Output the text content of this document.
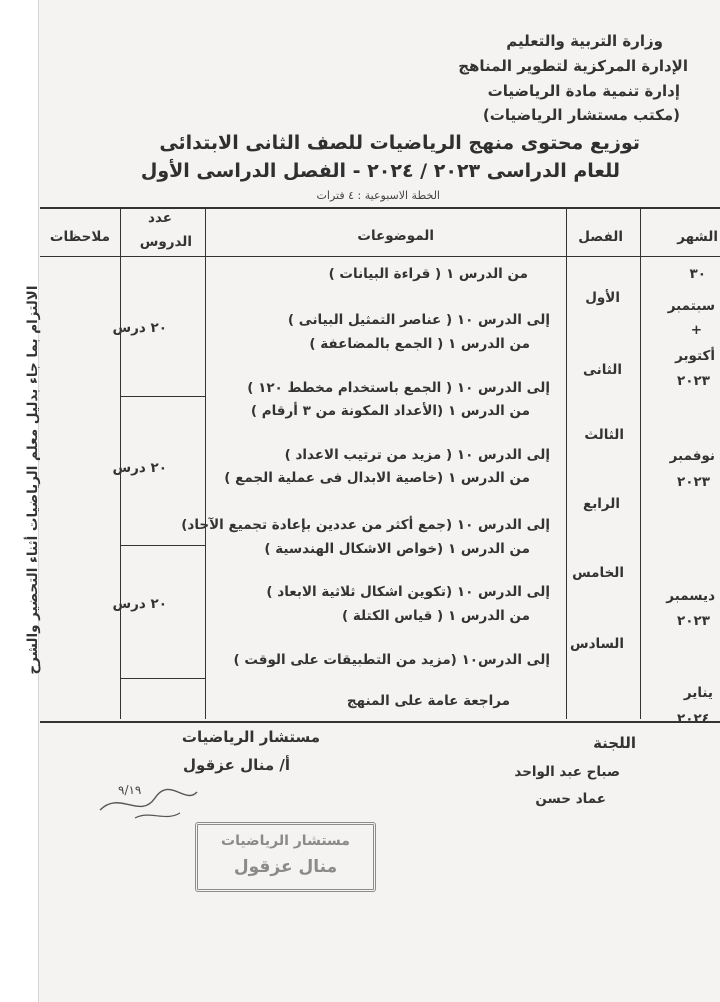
وزارة التربية والتعليم
الإدارة المركزية لتطوير المناهج
إدارة تنمية مادة الرياضيات
(مكتب مستشار الرياضيات)
توزيع محتوى منهج الرياضيات للصف الثانى الابتدائى
للعام الدراسى ٢٠٢٣ / ٢٠٢٤ - الفصل الدراسى الأول
الخطة الاسبوعية : ٤ فترات
الشهر
الفصل
الموضوعات
عدد
الدروس
ملاحظات
٣٠
سبتمبر
+
أكتوبر
٢٠٢٣
نوفمبر
٢٠٢٣
ديسمبر
٢٠٢٣
يناير
٢٠٢٤
الأول
الثانى
الثالث
الرابع
الخامس
السادس
من الدرس ١ ( قراءة البيانات )
إلى الدرس ١٠ ( عناصر التمثيل البيانى )
من الدرس ١ ( الجمع بالمضاعفة )
إلى الدرس ١٠ ( الجمع باستخدام مخطط ١٢٠ )
من الدرس ١ (الأعداد المكونة من ٣ أرقام )
إلى الدرس ١٠ ( مزيد من ترتيب الاعداد )
من الدرس ١ (خاصية الابدال فى عملية الجمع )
إلى الدرس ١٠ (جمع أكثر من عددين بإعادة تجميع الآحاد)
من الدرس ١ (خواص الاشكال الهندسية )
إلى الدرس ١٠ (تكوين اشكال ثلاثية الابعاد )
من الدرس ١ ( قياس الكتلة )
إلى الدرس١٠ (مزيد من التطبيقات على الوقت )
مراجعة عامة على المنهج
٢٠ درس
٢٠ درس
٢٠ درس
الالتزام بما جاء بدليل معلم الرياضيات أثناء التحضير والشرح
اللجنة
صباح عبد الواحد
عماد حسن
مستشار الرياضيات
أ/ منال عزقول
٩/١٩
مستشار الرياضيات
منال عزقول
